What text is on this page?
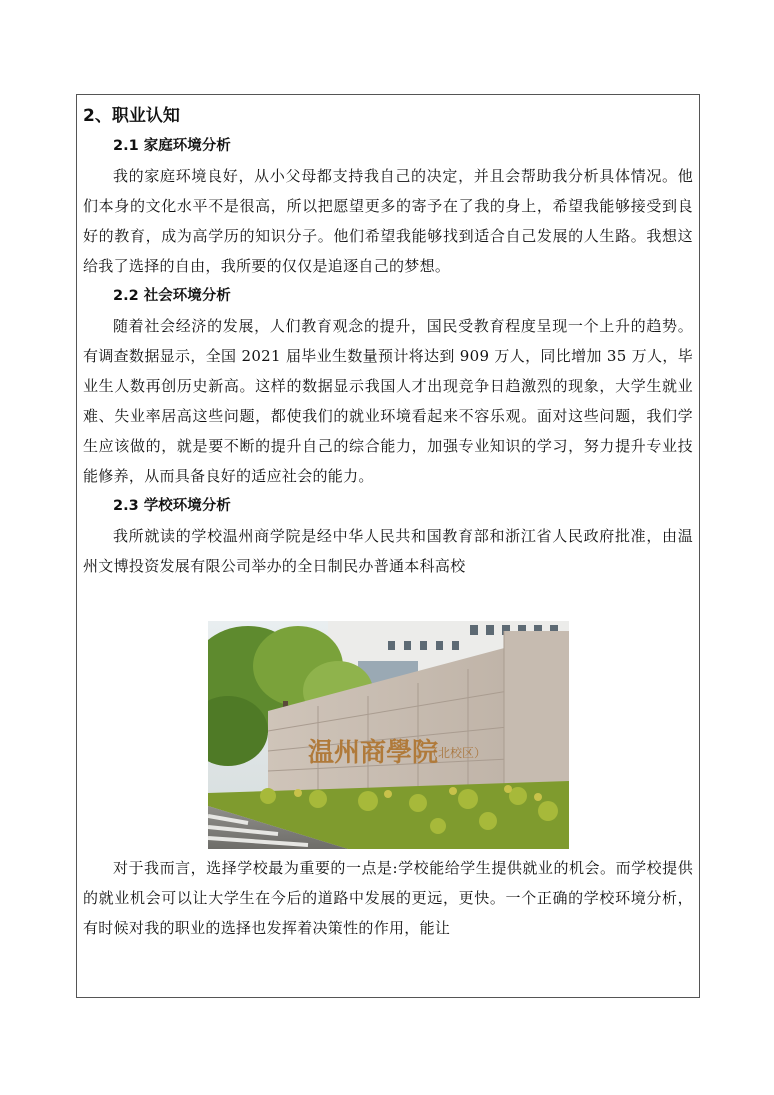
2、职业认知
2.1 家庭环境分析

我的家庭环境良好，从小父母都支持我自己的决定，并且会帮助我分析具体情况。他们本身的文化水平不是很高，所以把愿望更多的寄予在了我的身上，希望我能够接受到良好的教育，成为高学历的知识分子。他们希望我能够找到适合自己发展的人生路。我想这给我了选择的自由，我所要的仅仅是追逐自己的梦想。

2.2 社会环境分析

随着社会经济的发展，人们教育观念的提升，国民受教育程度呈现一个上升的趋势。有调查数据显示，全国 2021 届毕业生数量预计将达到 909 万人，同比增加 35 万人，毕业生人数再创历史新高。这样的数据显示我国人才出现竞争日趋激烈的现象，大学生就业难、失业率居高这些问题，都使我们的就业环境看起来不容乐观。面对这些问题，我们学生应该做的，就是要不断的提升自己的综合能力，加强专业知识的学习，努力提升专业技能修养，从而具备良好的适应社会的能力。

2.3 学校环境分析

我所就读的学校温州商学院是经中华人民共和国教育部和浙江省人民政府批准，由温州文博投资发展有限公司举办的全日制民办普通本科高校

温州商學院
（北校区）

对于我而言，选择学校最为重要的一点是:学校能给学生提供就业的机会。而学校提供的就业机会可以让大学生在今后的道路中发展的更远，更快。一个正确的学校环境分析，有时候对我的职业的选择也发挥着决策性的作用，能让
